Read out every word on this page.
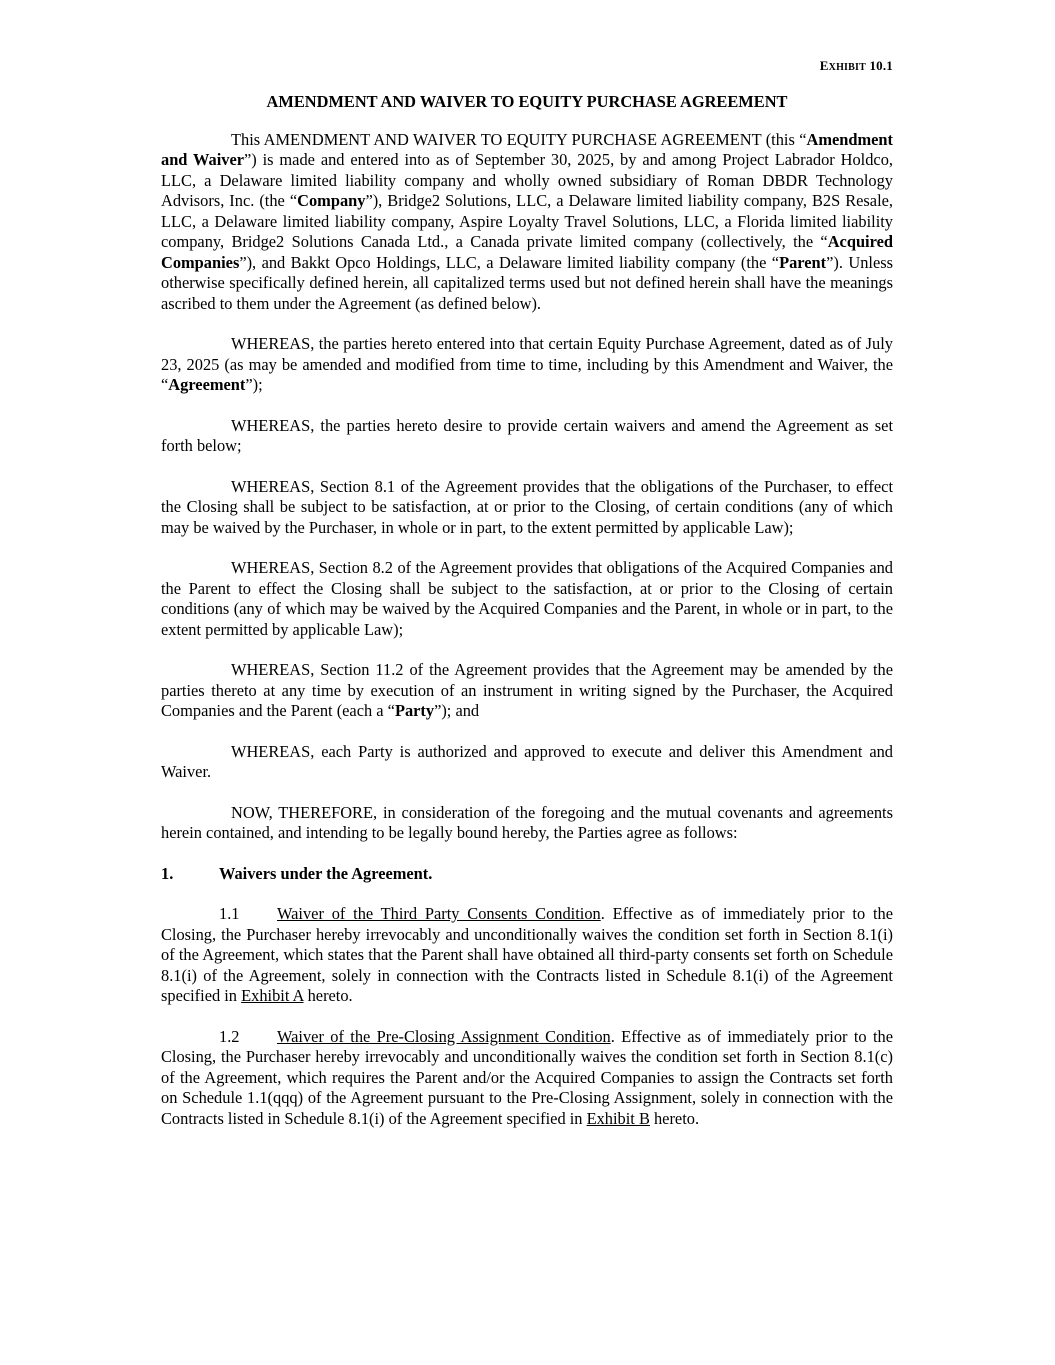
EXHIBIT 10.1
AMENDMENT AND WAIVER TO EQUITY PURCHASE AGREEMENT

This AMENDMENT AND WAIVER TO EQUITY PURCHASE AGREEMENT (this “Amendment and Waiver”) is made and entered into as of September 30, 2025, by and among Project Labrador Holdco, LLC, a Delaware limited liability company and wholly owned subsidiary of Roman DBDR Technology Advisors, Inc. (the “Company”), Bridge2 Solutions, LLC, a Delaware limited liability company, B2S Resale, LLC, a Delaware limited liability company, Aspire Loyalty Travel Solutions, LLC, a Florida limited liability company, Bridge2 Solutions Canada Ltd., a Canada private limited company (collectively, the “Acquired Companies”), and Bakkt Opco Holdings, LLC, a Delaware limited liability company (the “Parent”). Unless otherwise specifically defined herein, all capitalized terms used but not defined herein shall have the meanings ascribed to them under the Agreement (as defined below).

WHEREAS, the parties hereto entered into that certain Equity Purchase Agreement, dated as of July 23, 2025 (as may be amended and modified from time to time, including by this Amendment and Waiver, the “Agreement”);

WHEREAS, the parties hereto desire to provide certain waivers and amend the Agreement as set forth below;

WHEREAS, Section 8.1 of the Agreement provides that the obligations of the Purchaser, to effect the Closing shall be subject to be satisfaction, at or prior to the Closing, of certain conditions (any of which may be waived by the Purchaser, in whole or in part, to the extent permitted by applicable Law);

WHEREAS, Section 8.2 of the Agreement provides that obligations of the Acquired Companies and the Parent to effect the Closing shall be subject to the satisfaction, at or prior to the Closing of certain conditions (any of which may be waived by the Acquired Companies and the Parent, in whole or in part, to the extent permitted by applicable Law);

WHEREAS, Section 11.2 of the Agreement provides that the Agreement may be amended by the parties thereto at any time by execution of an instrument in writing signed by the Purchaser, the Acquired Companies and the Parent (each a “Party”); and

WHEREAS, each Party is authorized and approved to execute and deliver this Amendment and Waiver.

NOW, THEREFORE, in consideration of the foregoing and the mutual covenants and agreements herein contained, and intending to be legally bound hereby, the Parties agree as follows:

1.	Waivers under the Agreement.

1.1 Waiver of the Third Party Consents Condition. Effective as of immediately prior to the Closing, the Purchaser hereby irrevocably and unconditionally waives the condition set forth in Section 8.1(i) of the Agreement, which states that the Parent shall have obtained all third-party consents set forth on Schedule 8.1(i) of the Agreement, solely in connection with the Contracts listed in Schedule 8.1(i) of the Agreement specified in Exhibit A hereto.

1.2 Waiver of the Pre-Closing Assignment Condition. Effective as of immediately prior to the Closing, the Purchaser hereby irrevocably and unconditionally waives the condition set forth in Section 8.1(c) of the Agreement, which requires the Parent and/or the Acquired Companies to assign the Contracts set forth on Schedule 1.1(qqq) of the Agreement pursuant to the Pre-Closing Assignment, solely in connection with the Contracts listed in Schedule 8.1(i) of the Agreement specified in Exhibit B hereto.
